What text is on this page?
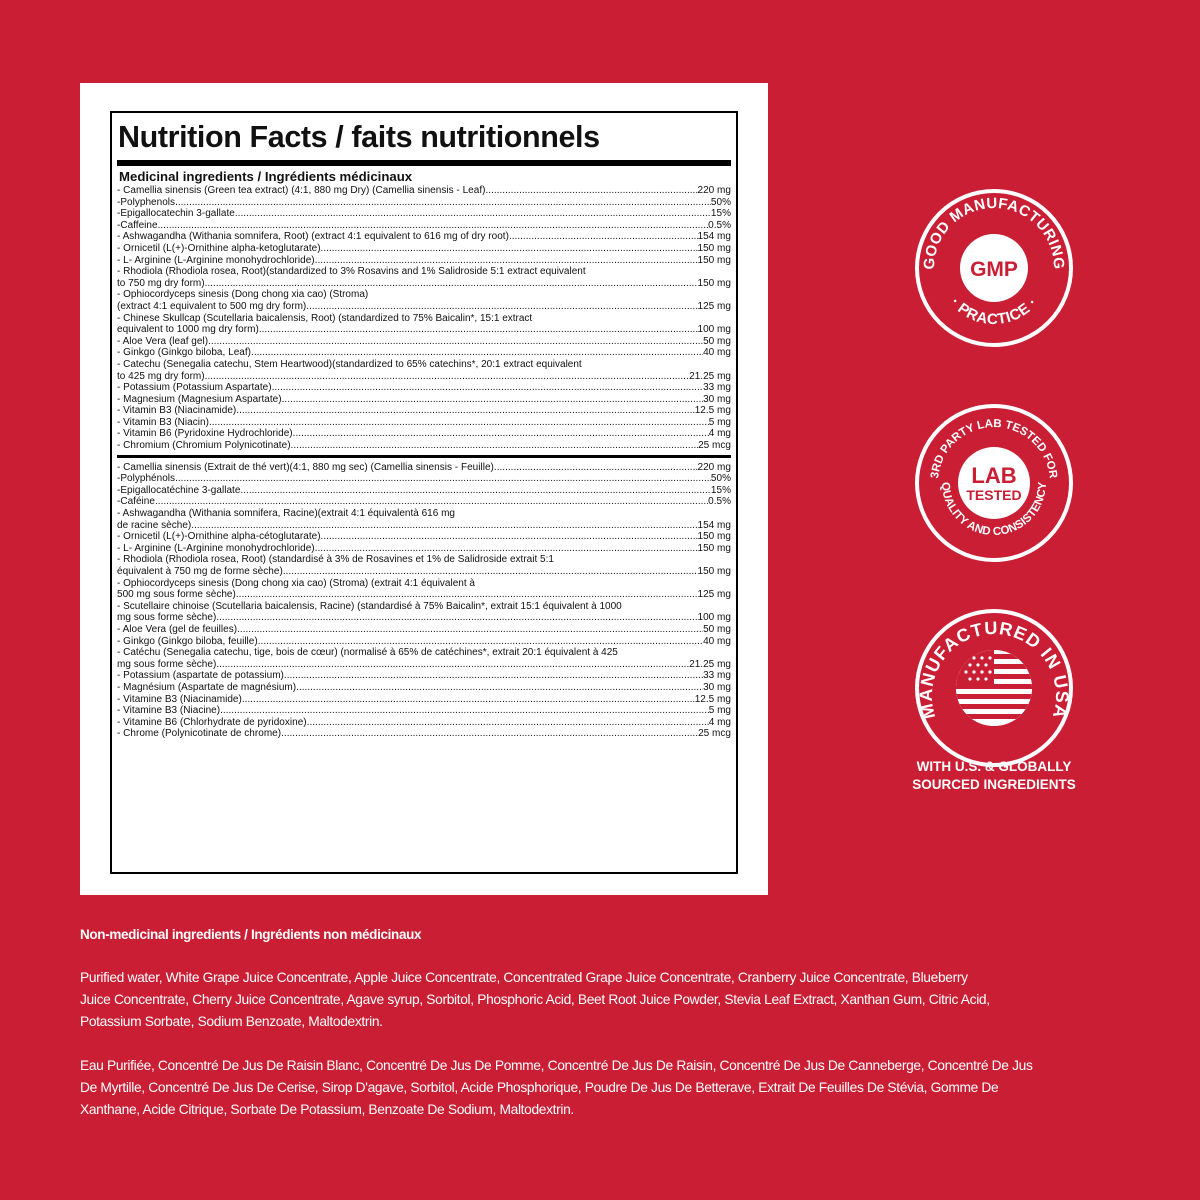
Nutrition Facts / faits nutritionnels
Medicinal ingredients / Ingrédients médicinaux
- Camellia sinensis (Green tea extract) (4:1, 880 mg Dry) (Camellia sinensis - Leaf) .....	220 mg
-Polyphenols .....	50%
-Epigallocatechin 3-gallate .....	15%
-Caffeine .....	0.5%
- Ashwagandha (Withania somnifera, Root) (extract 4:1 equivalent to 616 mg of dry root) .....	154 mg
- Ornicetil (L(+)-Ornithine alpha-ketoglutarate) .....	150 mg
- L- Arginine (L-Arginine monohydrochloride) .....	150 mg
- Rhodiola (Rhodiola rosea, Root)(standardized to 3% Rosavins and 1% Salidroside 5:1 extract equivalent
to 750 mg dry form) .....	150 mg
- Ophiocordyceps sinesis (Dong chong xia cao) (Stroma)
(extract 4:1 equivalent to 500 mg dry form) .....	125 mg
- Chinese Skullcap (Scutellaria baicalensis, Root) (standardized to 75% Baicalin*, 15:1 extract
equivalent to 1000 mg dry form) .....	100 mg
- Aloe Vera (leaf gel) .....	50 mg
- Ginkgo (Ginkgo biloba, Leaf) .....	40 mg
- Catechu (Senegalia catechu, Stem Heartwood)(standardized to 65% catechins*, 20:1 extract equivalent
to 425 mg dry form) .....	21.25 mg
- Potassium (Potassium Aspartate) .....	33 mg
- Magnesium (Magnesium Aspartate) .....	30 mg
- Vitamin B3 (Niacinamide) .....	12.5 mg
- Vitamin B3 (Niacin) .....	5 mg
- Vitamin B6 (Pyridoxine Hydrochloride) .....	4 mg
- Chromium (Chromium Polynicotinate) .....	25 mcg
- Camellia sinensis (Extrait de thé vert)(4:1, 880 mg sec) (Camellia sinensis - Feuille) .....	220 mg
-Polyphénols .....	50%
-Epigallocatéchine 3-gallate .....	15%
-Caféine .....	0.5%
- Ashwagandha (Withania somnifera, Racine)(extrait 4:1 équivalentà 616 mg
de racine sèche) .....	154 mg
- Ornicetil (L(+)-Ornithine alpha-cétoglutarate) .....	150 mg
- L- Arginine (L-Arginine monohydrochloride) .....	150 mg
- Rhodiola (Rhodiola rosea, Root) (standardisé à 3% de Rosavines et 1% de Salidroside extrait 5:1
équivalent à 750 mg de forme sèche) .....	150 mg
- Ophiocordyceps sinesis (Dong chong xia cao) (Stroma) (extrait 4:1 équivalent à
500 mg sous forme sèche) .....	125 mg
- Scutellaire chinoise (Scutellaria baicalensis, Racine) (standardisé à 75% Baicalin*, extrait 15:1 équivalent à 1000
mg sous forme sèche) .....	100 mg
- Aloe Vera (gel de feuilles) .....	50 mg
- Ginkgo (Ginkgo biloba, feuille) .....	40 mg
- Catéchu (Senegalia catechu, tige, bois de cœur) (normalisé à 65% de catéchines*, extrait 20:1 équivalent à 425
mg sous forme sèche) .....	21.25 mg
- Potassium (aspartate de potassium) .....	33 mg
- Magnésium (Aspartate de magnésium) .....	30 mg
- Vitamine B3 (Niacinamide) .....	12.5 mg
- Vitamine B3 (Niacine) .....	5 mg
- Vitamine B6 (Chlorhydrate de pyridoxine) .....	4 mg
- Chrome (Polynicotinate de chrome) .....	25 mcg
GOOD MANUFACTURING
· PRACTICE ·
GMP
3RD PARTY LAB TESTED FOR
QUALITY AND CONSISTENCY
LAB
TESTED
MANUFACTURED IN USA
WITH U.S. & GLOBALLY
SOURCED INGREDIENTS
Non-medicinal ingredients / Ingrédients non médicinaux

Purified water, White Grape Juice Concentrate, Apple Juice Concentrate, Concentrated Grape Juice Concentrate, Cranberry Juice Concentrate, Blueberry
Juice Concentrate, Cherry Juice Concentrate, Agave syrup, Sorbitol, Phosphoric Acid, Beet Root Juice Powder, Stevia Leaf Extract, Xanthan Gum, Citric Acid,
Potassium Sorbate, Sodium Benzoate, Maltodextrin.

Eau Purifiée, Concentré De Jus De Raisin Blanc, Concentré De Jus De Pomme, Concentré De Jus De Raisin, Concentré De Jus De Canneberge, Concentré De Jus
De Myrtille, Concentré De Jus De Cerise, Sirop D'agave, Sorbitol, Acide Phosphorique, Poudre De Jus De Betterave, Extrait De Feuilles De Stévia, Gomme De
Xanthane, Acide Citrique, Sorbate De Potassium, Benzoate De Sodium, Maltodextrin.
